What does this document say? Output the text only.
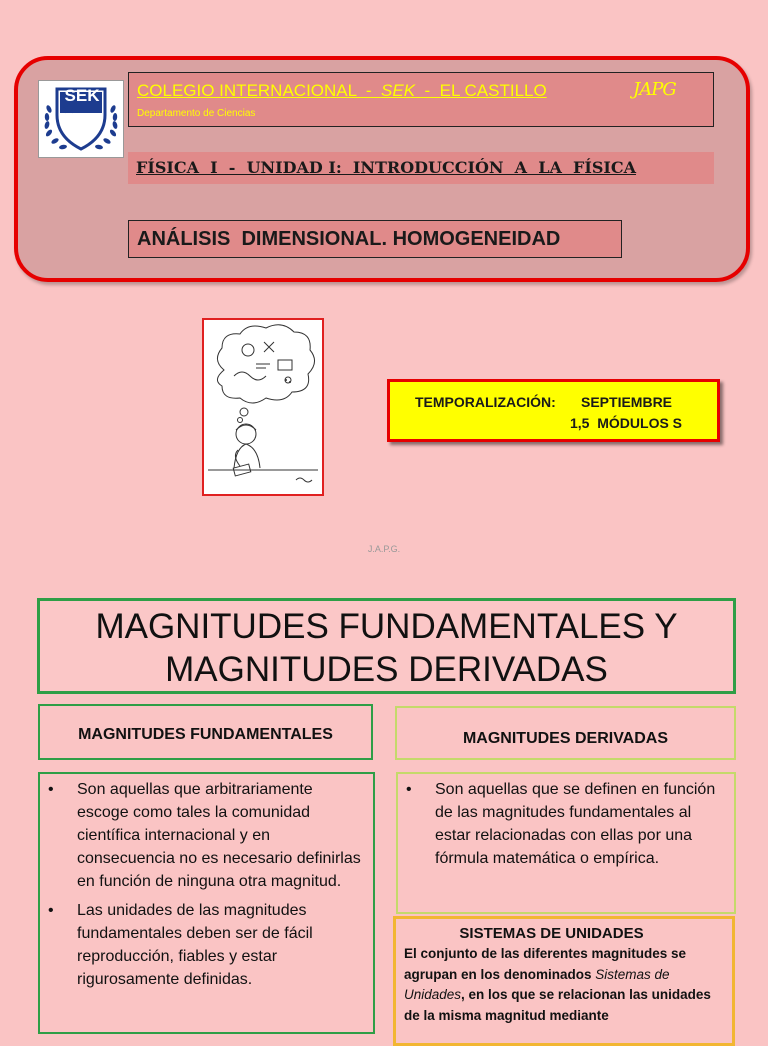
SEK COLEGIO INTERNACIONAL  -  SEK  -  EL CASTILLO	JAPG
Departamento de Ciencias
FÍSICA  I  -  UNIDAD I:  INTRODUCCIÓN  A  LA  FÍSICA
ANÁLISIS  DIMENSIONAL. HOMOGENEIDAD
TEMPORALIZACIÓN: SEPTIEMBRE
1,5  MÓDULOS S
J.A.P.G.
MAGNITUDES FUNDAMENTALES Y
MAGNITUDES DERIVADAS
MAGNITUDES FUNDAMENTALES	MAGNITUDES DERIVADAS
• Son aquellas que arbitrariamente escoge como tales la comunidad científica internacional y en consecuencia no es necesario definirlas en función de ninguna otra magnitud.
• Las unidades de las magnitudes fundamentales deben ser de fácil reproducción, fiables y estar rigurosamente definidas.
• Son aquellas que se definen en función de las magnitudes fundamentales al estar relacionadas con ellas por una fórmula matemática o empírica.
SISTEMAS DE UNIDADES
El conjunto de las diferentes magnitudes se agrupan en los denominados Sistemas de Unidades, en los que se relacionan las unidades de la misma magnitud mediante
